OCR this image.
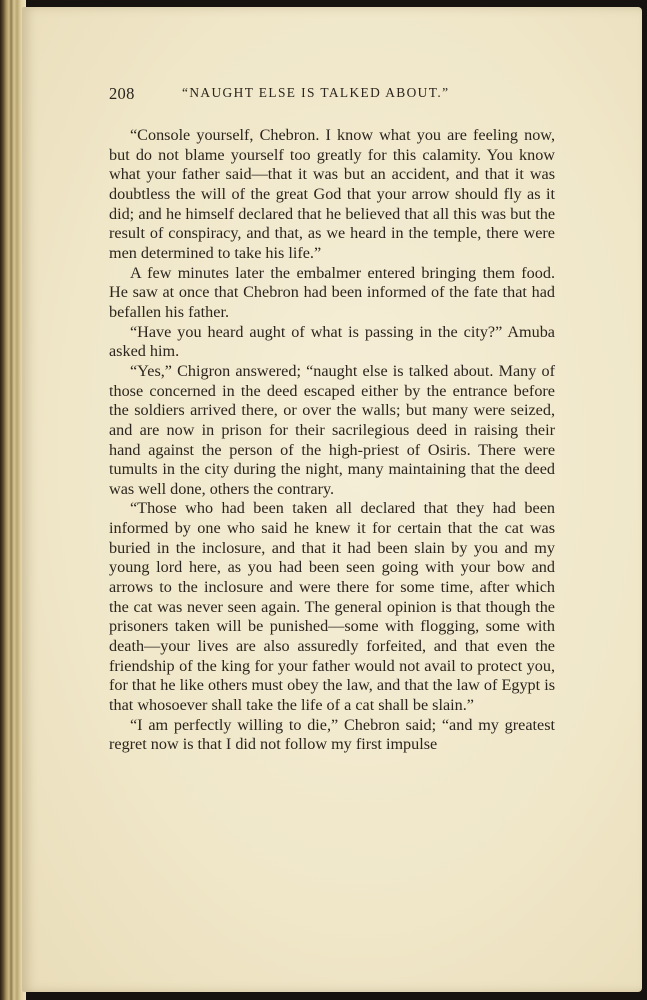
208	“NAUGHT ELSE IS TALKED ABOUT.”

“Console yourself, Chebron. I know what you are feeling now, but do not blame yourself too greatly for this calamity. You know what your father said—that it was but an accident, and that it was doubtless the will of the great God that your arrow should fly as it did; and he himself declared that he believed that all this was but the result of conspiracy, and that, as we heard in the temple, there were men determined to take his life.”

A few minutes later the embalmer entered bringing them food. He saw at once that Chebron had been informed of the fate that had befallen his father.

“Have you heard aught of what is passing in the city?” Amuba asked him.

“Yes,” Chigron answered; “naught else is talked about. Many of those concerned in the deed escaped either by the entrance before the soldiers arrived there, or over the walls; but many were seized, and are now in prison for their sacrilegious deed in raising their hand against the person of the high-priest of Osiris. There were tumults in the city during the night, many maintaining that the deed was well done, others the contrary.

“Those who had been taken all declared that they had been informed by one who said he knew it for certain that the cat was buried in the inclosure, and that it had been slain by you and my young lord here, as you had been seen going with your bow and arrows to the inclosure and were there for some time, after which the cat was never seen again. The general opinion is that though the prisoners taken will be punished—some with flogging, some with death—your lives are also assuredly forfeited, and that even the friendship of the king for your father would not avail to protect you, for that he like others must obey the law, and that the law of Egypt is that whosoever shall take the life of a cat shall be slain.”

“I am perfectly willing to die,” Chebron said; “and my greatest regret now is that I did not follow my first impulse
